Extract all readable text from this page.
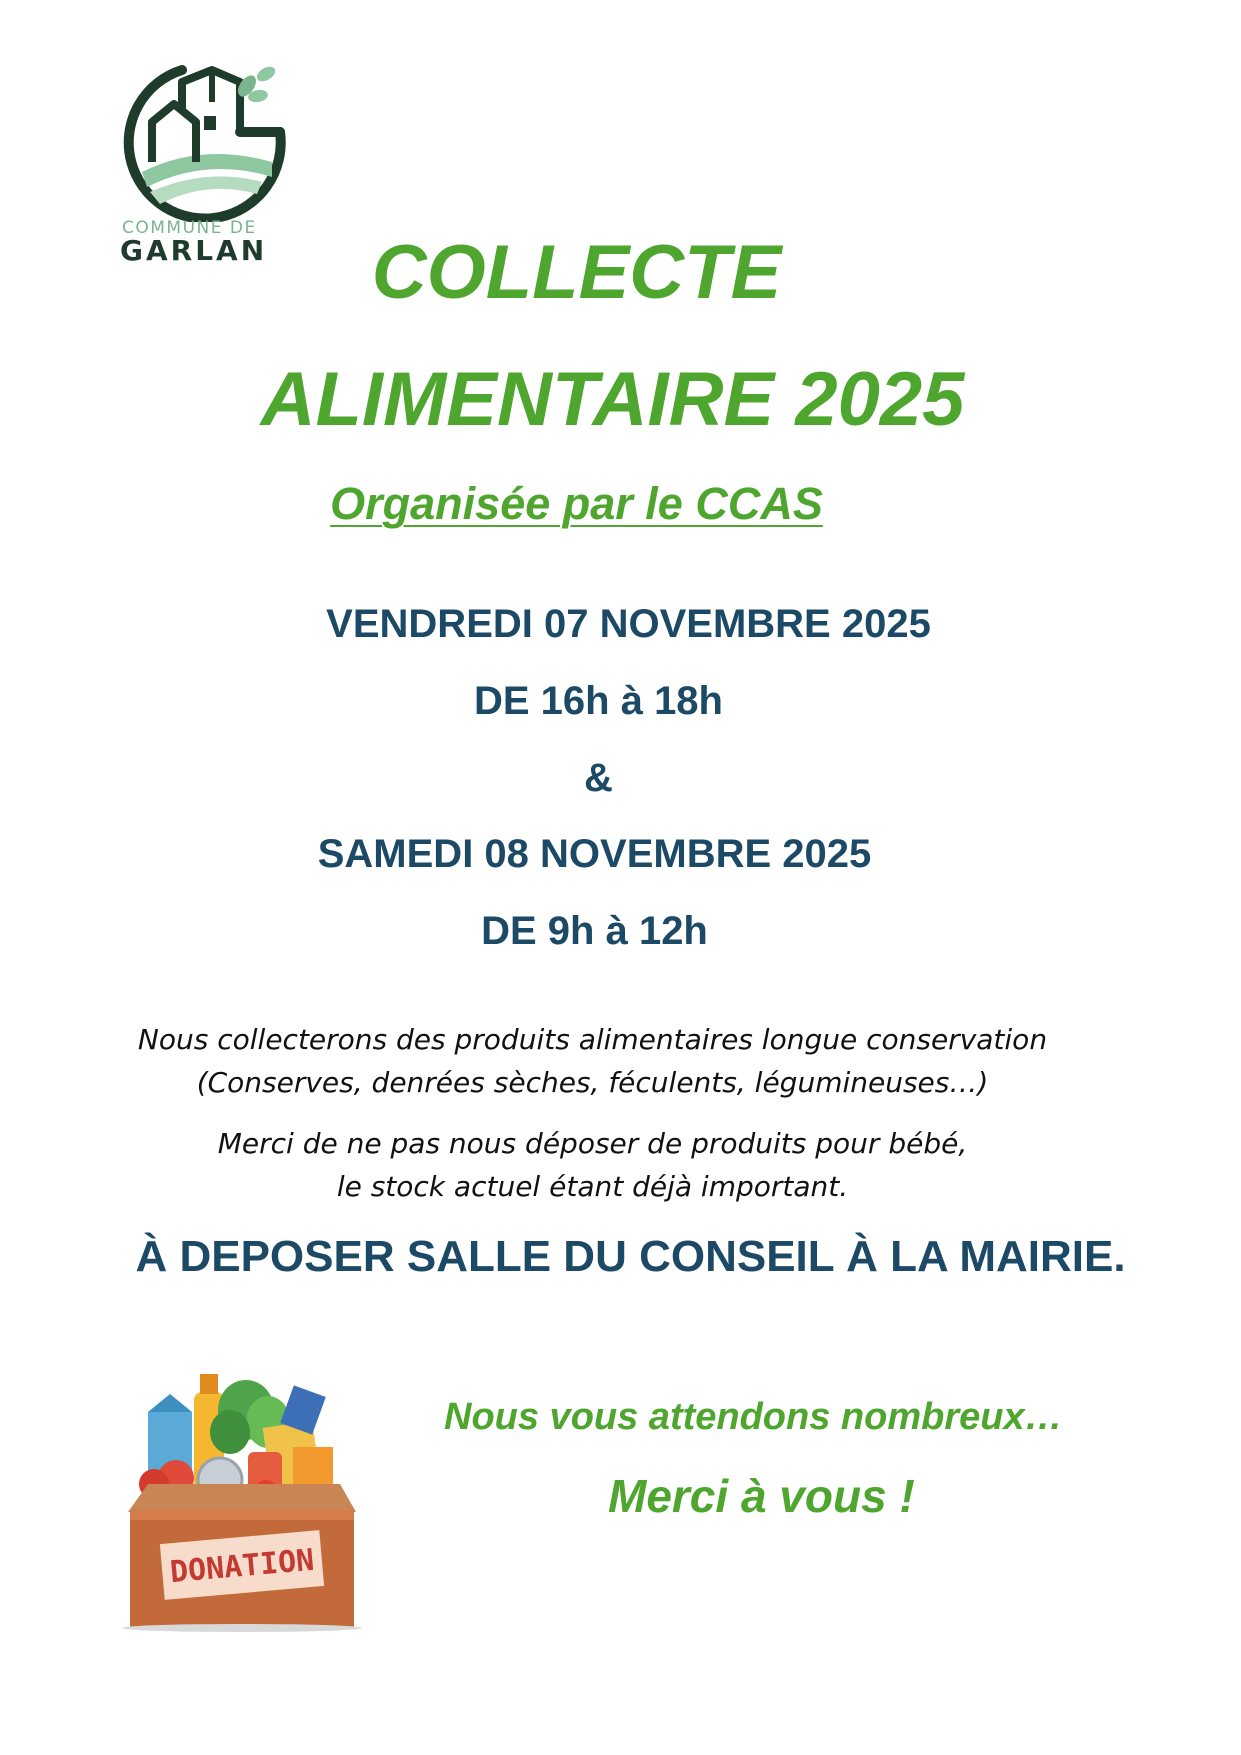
COMMUNE DE
GARLAN	COLLECTE
ALIMENTAIRE 2025
Organisée par le CCAS
VENDREDI 07 NOVEMBRE 2025
DE 16h à 18h
&
SAMEDI 08 NOVEMBRE 2025
DE 9h à 12h
Nous collecterons des produits alimentaires longue conservation
(Conserves, denrées sèches, féculents, légumineuses…)
Merci de ne pas nous déposer de produits pour bébé,
le stock actuel étant déjà important.
À DEPOSER SALLE DU CONSEIL À LA MAIRIE.
DONATION
Nous vous attendons nombreux…
Merci à vous !
